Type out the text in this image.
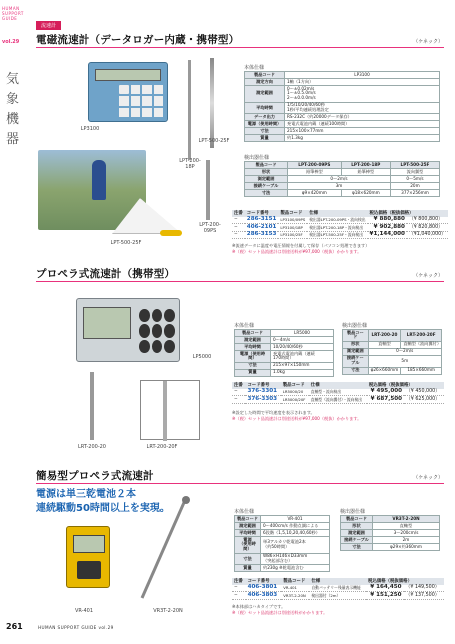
HUMAN
SUPPORT
GUIDE
vol.29
気
象
機
器
流速計
電磁流速計（データロガー内蔵・携帯型）	（ケネック）
LP3100
LPT-500-25F
LPT-200-18P
LPT-200-09PS
LPT-500-25F
本体仕様
製品コード	LP3100
測定方向	1軸（1方向）
測定範囲	0〜±0.02m/s
1〜±0.5.0m/s
2〜±0.0.0m/s
平均時間	1/5/10/20/40/60秒
1秒/平均連続処理設定
データ出力	RS-232C（約20000データ保存）
電源（使用時間）	充電式電池内蔵（連続100時間）
寸法	215×100×77mm
質量	約1.3kg
検出器仕様
製品コード	LPT-200-09PS	LPT-200-18P	LPT-500-25F
形状	鉛筆棒型	鉛筆棒型	流向翼型
測定範囲	0〜2m/s		0〜5m/s
接続ケーブル	3m		20m
寸法	φ9×420mm	φ18×620mm	377×256mm
注番	コード番号	製品コード	仕様	税込価格（税抜価格）	
−	286-3151	LP3100/09PS	検出器LPT-200-09PS・流向検出	¥ 880,880	（¥ 800,800）
−	406-2101	LP3100/18P	検出器LPT-200-18P・流向検出	¥ 902,880	（¥ 820,800）
−	286-3153	LP3100/25F	検出器LPT-500-25F・流向検出	¥1,144,000	（¥1,040,000）
※流速データに温度や電圧情報を付属して保存（パソコン処理できます）
※（税）セット品流速計は別途送料が¥97,000（税抜）かかります。
プロペラ式流速計（携帯型）	（ケネック）
LP5000
LRT-200-20	LRT-200-20F
本体仕様
製品コード	LR5000
測定範囲	0〜4m/s
平均時間	10/20/40/60秒
電源（使用時間）	充電式電池内蔵（連続
170時間）
寸法	215×97×150mm
質量	1.0kg
検出器仕様
製品コード	LRT-200-20	LRT-200-20F
形状	直軸型	直軸型（流向翼付）
測定範囲	0〜2m/s	
接続ケーブル	5m	
寸法	φ26×660mm	185×660mm
注番	コード番号	製品コード	仕様	税込価格（税抜価格）	
−	376-3301	LR5000/20	直軸型・流向検出	¥ 495,000	（¥ 450,000）
−	376-3303	LR5000/20F	直軸型（流向翼付）・流向検出	¥ 687,500	（¥ 625,000）
※設定した時間で平均速度を表示されます。
※（税）セット品流速計は別途送料が¥97,000（税抜）かかります。
簡易型プロペラ式流速計	（ケネック）
電源は単三乾電池２本
連続駆動50時間以上を実現。
VR-401	VR3T-2-20N
本体仕様
製品コード	VR-401
測定範囲	0〜400cm/s 作動点調による
平均時間	6段階（1,5,10,20,40,60秒）
電源
（使用時間）	単3アルカリ乾電池2本
（約50時間）
寸法	W86×H146×D33mm
（突起部含む）
質量	約230g ※乾電池含む
検出器仕様
製品コード	VR3T-2-20N
形状	直軸型
測定範囲	3〜200cm/s
接続ケーブル	2m
寸法	φ29×約360mm
注番	コード番号	製品コード	仕様	税込価格（税抜価格）	
−	406-3801	VR-401	自動バッテリー残量表示機能	¥ 164,450	（¥ 149,500）
−	406-3803	VR3T-2-20N	検出器付（2m）	¥ 151,250	（¥ 137,500）
※本体部はハカタイプです。
※（税）セット品流速計は別途送料がかかります。
261	HUMAN SUPPORT GUIDE vol.29
